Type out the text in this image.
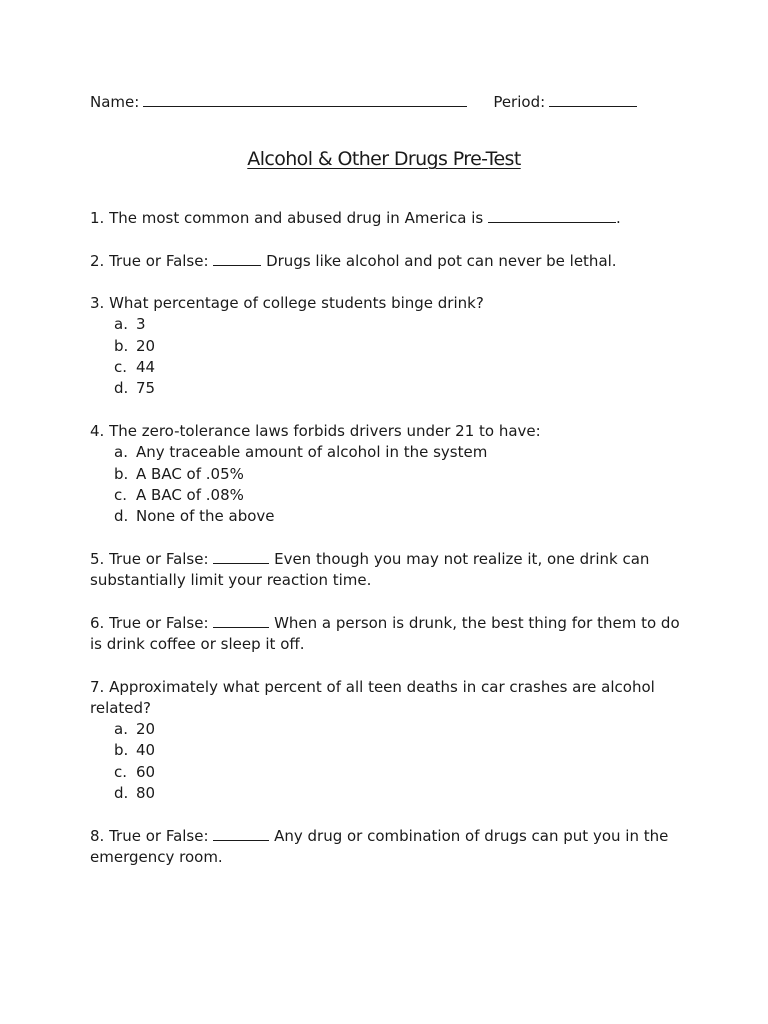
Name:	Period:
Alcohol & Other Drugs Pre-Test
1. The most common and abused drug in America is	.
2. True or False:	Drugs like alcohol and pot can never be lethal.
3. What percentage of college students binge drink?
a. 3
b. 20
c. 44
d. 75
4. The zero-tolerance laws forbids drivers under 21 to have:
a. Any traceable amount of alcohol in the system
b. A BAC of .05%
c. A BAC of .08%
d. None of the above
5. True or False:	Even though you may not realize it, one drink can substantially limit your reaction time.
6. True or False:	When a person is drunk, the best thing for them to do is drink coffee or sleep it off.
7. Approximately what percent of all teen deaths in car crashes are alcohol related?
a. 20
b. 40
c. 60
d. 80
8. True or False:	Any drug or combination of drugs can put you in the emergency room.
